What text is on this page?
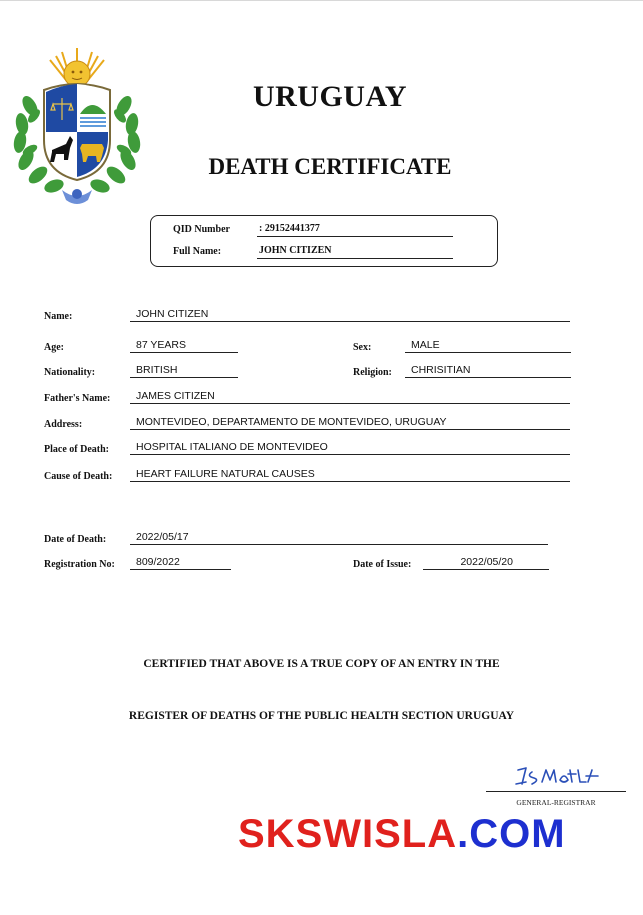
URUGUAY
DEATH CERTIFICATE
QID Number	: 29152441377
Full Name:	JOHN CITIZEN
Name:	JOHN CITIZEN
Age:	87 YEARS	Sex:	MALE
Nationality:	BRITISH	Religion:	CHRISITIAN
Father's Name:	JAMES CITIZEN
Address:	MONTEVIDEO, DEPARTAMENTO DE MONTEVIDEO, URUGUAY
Place of Death:	HOSPITAL ITALIANO DE MONTEVIDEO
Cause of Death:	HEART FAILURE NATURAL CAUSES
Date of Death:	2022/05/17
Registration No:	809/2022	Date of Issue:	2022/05/20
CERTIFIED THAT ABOVE IS A TRUE COPY OF AN ENTRY IN THE
REGISTER OF DEATHS OF THE PUBLIC HEALTH SECTION URUGUAY
GENERAL-REGISTRAR
SKSWISLA.COM
